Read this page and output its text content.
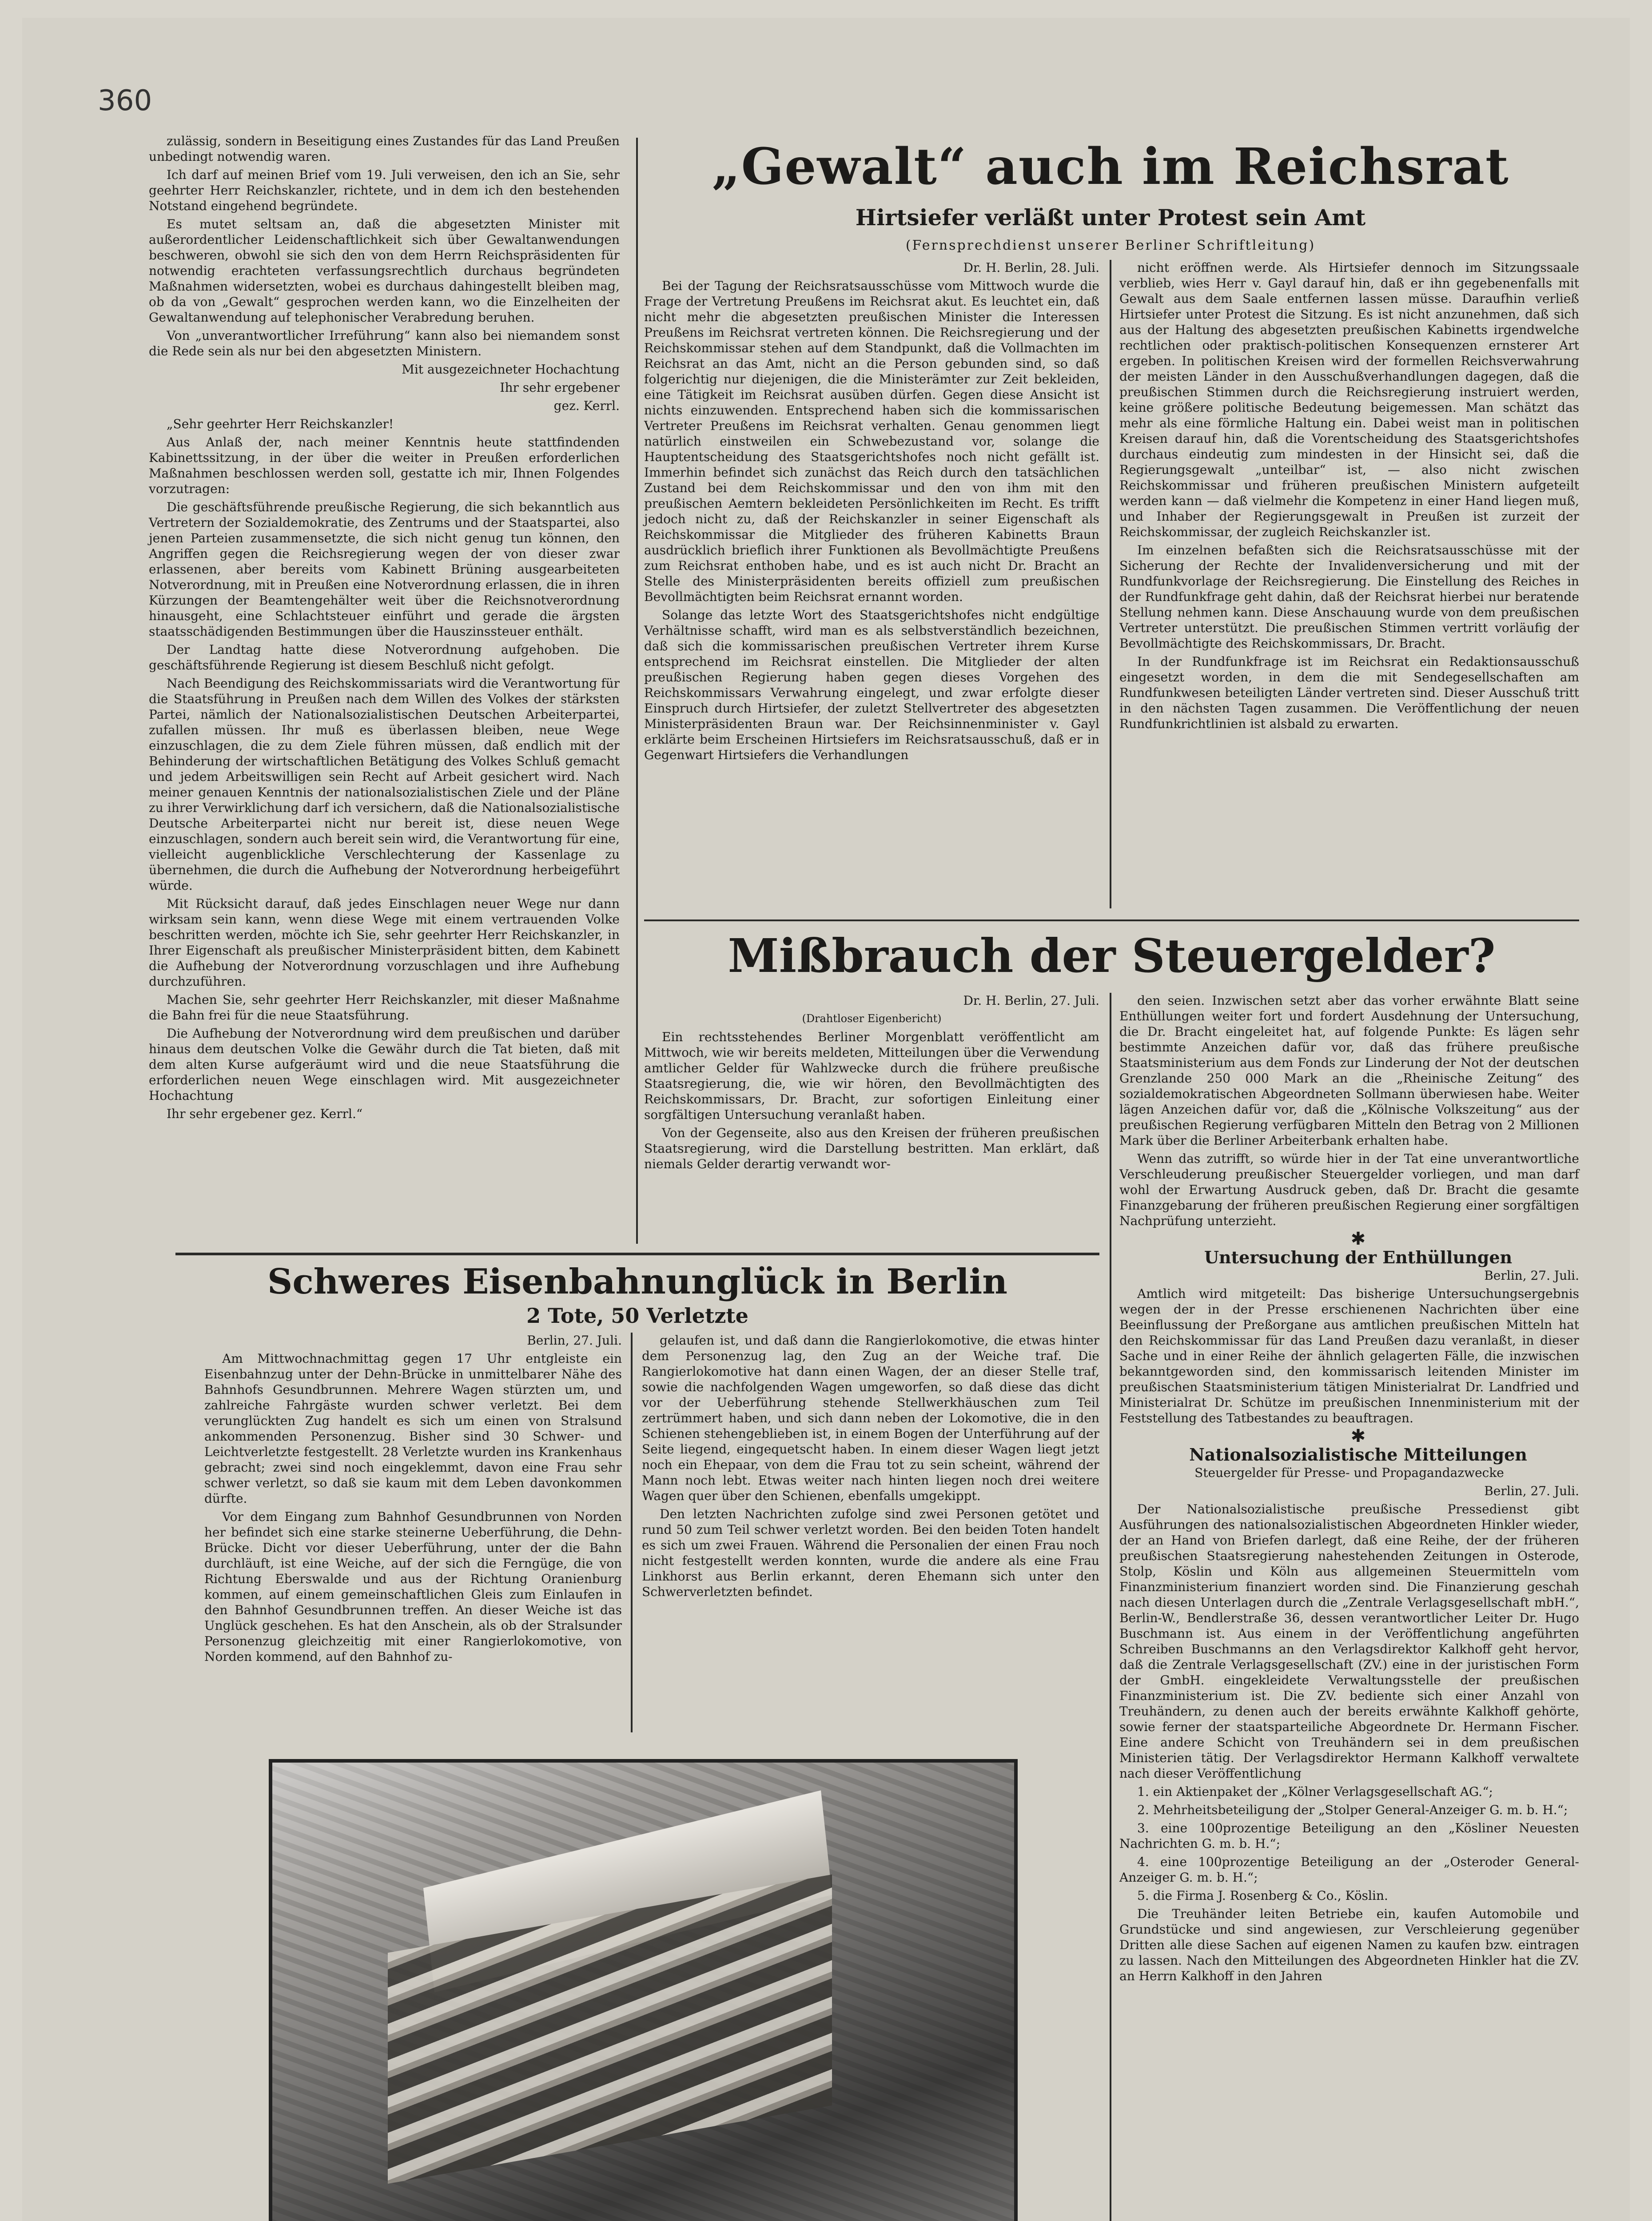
360

zulässig, sondern in Beseitigung eines Zustandes für das Land Preußen unbedingt notwendig waren.

Ich darf auf meinen Brief vom 19. Juli verweisen, den ich an Sie, sehr geehrter Herr Reichskanzler, richtete, und in dem ich den bestehenden Notstand eingehend begründete.

Es mutet seltsam an, daß die abgesetzten Minister mit außerordentlicher Leidenschaftlichkeit sich über Gewaltanwendungen beschweren, obwohl sie sich den von dem Herrn Reichspräsidenten für notwendig erachteten verfassungsrechtlich durchaus begründeten Maßnahmen widersetzten, wobei es durchaus dahingestellt bleiben mag, ob da von „Gewalt“ gesprochen werden kann, wo die Einzelheiten der Gewaltanwendung auf telephonischer Verabredung beruhen.

Von „unverantwortlicher Irreführung“ kann also bei niemandem sonst die Rede sein als nur bei den abgesetzten Ministern.

Mit ausgezeichneter Hochachtung

Ihr sehr ergebener

gez. Kerrl.

„Sehr geehrter Herr Reichskanzler!

Aus Anlaß der, nach meiner Kenntnis heute stattfindenden Kabinettssitzung, in der über die weiter in Preußen erforderlichen Maßnahmen beschlossen werden soll, gestatte ich mir, Ihnen Folgendes vorzutragen:

Die geschäftsführende preußische Regierung, die sich bekanntlich aus Vertretern der Sozialdemokratie, des Zentrums und der Staatspartei, also jenen Parteien zusammensetzte, die sich nicht genug tun können, den Angriffen gegen die Reichsregierung wegen der von dieser zwar erlassenen, aber bereits vom Kabinett Brüning ausgearbeiteten Notverordnung, mit in Preußen eine Notverordnung erlassen, die in ihren Kürzungen der Beamtengehälter weit über die Reichsnotverordnung hinausgeht, eine Schlachtsteuer einführt und gerade die ärgsten staatsschädigenden Bestimmungen über die Hauszinssteuer enthält.

Der Landtag hatte diese Notverordnung aufgehoben. Die geschäftsführende Regierung ist diesem Beschluß nicht gefolgt.

Nach Beendigung des Reichskommissariats wird die Verantwortung für die Staatsführung in Preußen nach dem Willen des Volkes der stärksten Partei, nämlich der Nationalsozialistischen Deutschen Arbeiterpartei, zufallen müssen. Ihr muß es überlassen bleiben, neue Wege einzuschlagen, die zu dem Ziele führen müssen, daß endlich mit der Behinderung der wirtschaftlichen Betätigung des Volkes Schluß gemacht und jedem Arbeitswilligen sein Recht auf Arbeit gesichert wird. Nach meiner genauen Kenntnis der nationalsozialistischen Ziele und der Pläne zu ihrer Verwirklichung darf ich versichern, daß die Nationalsozialistische Deutsche Arbeiterpartei nicht nur bereit ist, diese neuen Wege einzuschlagen, sondern auch bereit sein wird, die Verantwortung für eine, vielleicht augenblickliche Verschlechterung der Kassenlage zu übernehmen, die durch die Aufhebung der Notverordnung herbeigeführt würde.

Mit Rücksicht darauf, daß jedes Einschlagen neuer Wege nur dann wirksam sein kann, wenn diese Wege mit einem vertrauenden Volke beschritten werden, möchte ich Sie, sehr geehrter Herr Reichskanzler, in Ihrer Eigenschaft als preußischer Ministerpräsident bitten, dem Kabinett die Aufhebung der Notverordnung vorzuschlagen und ihre Aufhebung durchzuführen.

Machen Sie, sehr geehrter Herr Reichskanzler, mit dieser Maßnahme die Bahn frei für die neue Staatsführung.

Die Aufhebung der Notverordnung wird dem preußischen und darüber hinaus dem deutschen Volke die Gewähr durch die Tat bieten, daß mit dem alten Kurse aufgeräumt wird und die neue Staatsführung die erforderlichen neuen Wege einschlagen wird. Mit ausgezeichneter Hochachtung

Ihr sehr ergebener gez. Kerrl.“

„Gewalt“ auch im Reichsrat
Hirtsiefer verläßt unter Protest sein Amt
(Fernsprechdienst unserer Berliner Schriftleitung)

Dr. H. Berlin, 28. Juli.

Bei der Tagung der Reichsratsausschüsse vom Mittwoch wurde die Frage der Vertretung Preußens im Reichsrat akut. Es leuchtet ein, daß nicht mehr die abgesetzten preußischen Minister die Interessen Preußens im Reichsrat vertreten können. Die Reichsregierung und der Reichskommissar stehen auf dem Standpunkt, daß die Vollmachten im Reichsrat an das Amt, nicht an die Person gebunden sind, so daß folgerichtig nur diejenigen, die die Ministerämter zur Zeit bekleiden, eine Tätigkeit im Reichsrat ausüben dürfen. Gegen diese Ansicht ist nichts einzuwenden. Entsprechend haben sich die kommissarischen Vertreter Preußens im Reichsrat verhalten. Genau genommen liegt natürlich einstweilen ein Schwebezustand vor, solange die Hauptentscheidung des Staatsgerichtshofes noch nicht gefällt ist. Immerhin befindet sich zunächst das Reich durch den tatsächlichen Zustand bei dem Reichskommissar und den von ihm mit den preußischen Aemtern bekleideten Persönlichkeiten im Recht. Es trifft jedoch nicht zu, daß der Reichskanzler in seiner Eigenschaft als Reichskommissar die Mitglieder des früheren Kabinetts Braun ausdrücklich brieflich ihrer Funktionen als Bevollmächtigte Preußens zum Reichsrat enthoben habe, und es ist auch nicht Dr. Bracht an Stelle des Ministerpräsidenten bereits offiziell zum preußischen Bevollmächtigten beim Reichsrat ernannt worden.

Solange das letzte Wort des Staatsgerichtshofes nicht endgültige Verhältnisse schafft, wird man es als selbstverständlich bezeichnen, daß sich die kommissarischen preußischen Vertreter ihrem Kurse entsprechend im Reichsrat einstellen. Die Mitglieder der alten preußischen Regierung haben gegen dieses Vorgehen des Reichskommissars Verwahrung eingelegt, und zwar erfolgte dieser Einspruch durch Hirtsiefer, der zuletzt Stellvertreter des abgesetzten Ministerpräsidenten Braun war. Der Reichsinnenminister v. Gayl erklärte beim Erscheinen Hirtsiefers im Reichsratsausschuß, daß er in Gegenwart Hirtsiefers die Verhandlungen

nicht eröffnen werde. Als Hirtsiefer dennoch im Sitzungssaale verblieb, wies Herr v. Gayl darauf hin, daß er ihn gegebenenfalls mit Gewalt aus dem Saale entfernen lassen müsse. Daraufhin verließ Hirtsiefer unter Protest die Sitzung. Es ist nicht anzunehmen, daß sich aus der Haltung des abgesetzten preußischen Kabinetts irgendwelche rechtlichen oder praktisch-politischen Konsequenzen ernsterer Art ergeben. In politischen Kreisen wird der formellen Reichsverwahrung der meisten Länder in den Ausschußverhandlungen dagegen, daß die preußischen Stimmen durch die Reichsregierung instruiert werden, keine größere politische Bedeutung beigemessen. Man schätzt das mehr als eine förmliche Haltung ein. Dabei weist man in politischen Kreisen darauf hin, daß die Vorentscheidung des Staatsgerichtshofes durchaus eindeutig zum mindesten in der Hinsicht sei, daß die Regierungsgewalt „unteilbar“ ist, — also nicht zwischen Reichskommissar und früheren preußischen Ministern aufgeteilt werden kann — daß vielmehr die Kompetenz in einer Hand liegen muß, und Inhaber der Regierungsgewalt in Preußen ist zurzeit der Reichskommissar, der zugleich Reichskanzler ist.

Im einzelnen befaßten sich die Reichsratsausschüsse mit der Sicherung der Rechte der Invalidenversicherung und mit der Rundfunkvorlage der Reichsregierung. Die Einstellung des Reiches in der Rundfunkfrage geht dahin, daß der Reichsrat hierbei nur beratende Stellung nehmen kann. Diese Anschauung wurde von dem preußischen Vertreter unterstützt. Die preußischen Stimmen vertritt vorläufig der Bevollmächtigte des Reichskommissars, Dr. Bracht.

In der Rundfunkfrage ist im Reichsrat ein Redaktionsausschuß eingesetzt worden, in dem die mit Sendegesellschaften am Rundfunkwesen beteiligten Länder vertreten sind. Dieser Ausschuß tritt in den nächsten Tagen zusammen. Die Veröffentlichung der neuen Rundfunkrichtlinien ist alsbald zu erwarten.

Mißbrauch der Steuergelder?

Dr. H. Berlin, 27. Juli.

(Drahtloser Eigenbericht)

Ein rechtsstehendes Berliner Morgenblatt veröffentlicht am Mittwoch, wie wir bereits meldeten, Mitteilungen über die Verwendung amtlicher Gelder für Wahlzwecke durch die frühere preußische Staatsregierung, die, wie wir hören, den Bevollmächtigten des Reichskommissars, Dr. Bracht, zur sofortigen Einleitung einer sorgfältigen Untersuchung veranlaßt haben.

Von der Gegenseite, also aus den Kreisen der früheren preußischen Staatsregierung, wird die Darstellung bestritten. Man erklärt, daß niemals Gelder derartig verwandt wor-

den seien. Inzwischen setzt aber das vorher erwähnte Blatt seine Enthüllungen weiter fort und fordert Ausdehnung der Untersuchung, die Dr. Bracht eingeleitet hat, auf folgende Punkte: Es lägen sehr bestimmte Anzeichen dafür vor, daß das frühere preußische Staatsministerium aus dem Fonds zur Linderung der Not der deutschen Grenzlande 250 000 Mark an die „Rheinische Zeitung“ des sozialdemokratischen Abgeordneten Sollmann überwiesen habe. Weiter lägen Anzeichen dafür vor, daß die „Kölnische Volkszeitung“ aus der preußischen Regierung verfügbaren Mitteln den Betrag von 2 Millionen Mark über die Berliner Arbeiterbank erhalten habe.

Wenn das zutrifft, so würde hier in der Tat eine unverantwortliche Verschleuderung preußischer Steuergelder vorliegen, und man darf wohl der Erwartung Ausdruck geben, daß Dr. Bracht die gesamte Finanzgebarung der früheren preußischen Regierung einer sorgfältigen Nachprüfung unterzieht.

✱

Untersuchung der Enthüllungen

Berlin, 27. Juli.

Amtlich wird mitgeteilt: Das bisherige Untersuchungsergebnis wegen der in der Presse erschienenen Nachrichten über eine Beeinflussung der Preßorgane aus amtlichen preußischen Mitteln hat den Reichskommissar für das Land Preußen dazu veranlaßt, in dieser Sache und in einer Reihe der ähnlich gelagerten Fälle, die inzwischen bekanntgeworden sind, den kommissarisch leitenden Minister im preußischen Staatsministerium tätigen Ministerialrat Dr. Landfried und Ministerialrat Dr. Schütze im preußischen Innenministerium mit der Feststellung des Tatbestandes zu beauftragen.

✱

Nationalsozialistische Mitteilungen

Steuergelder für Presse- und Propagandazwecke

Berlin, 27. Juli.

Der Nationalsozialistische preußische Pressedienst gibt Ausführungen des nationalsozialistischen Abgeordneten Hinkler wieder, der an Hand von Briefen darlegt, daß eine Reihe, der der früheren preußischen Staatsregierung nahestehenden Zeitungen in Osterode, Stolp, Köslin und Köln aus allgemeinen Steuermitteln vom Finanzministerium finanziert worden sind. Die Finanzierung geschah nach diesen Unterlagen durch die „Zentrale Verlagsgesellschaft mbH.“, Berlin-W., Bendlerstraße 36, dessen verantwortlicher Leiter Dr. Hugo Buschmann ist. Aus einem in der Veröffentlichung angeführten Schreiben Buschmanns an den Verlagsdirektor Kalkhoff geht hervor, daß die Zentrale Verlagsgesellschaft (ZV.) eine in der juristischen Form der GmbH. eingekleidete Verwaltungsstelle der preußischen Finanzministerium ist. Die ZV. bediente sich einer Anzahl von Treuhändern, zu denen auch der bereits erwähnte Kalkhoff gehörte, sowie ferner der staatsparteiliche Abgeordnete Dr. Hermann Fischer. Eine andere Schicht von Treuhändern sei in dem preußischen Ministerien tätig. Der Verlagsdirektor Hermann Kalkhoff verwaltete nach dieser Veröffentlichung

1. ein Aktienpaket der „Kölner Verlagsgesellschaft AG.“;

2. Mehrheitsbeteiligung der „Stolper General-Anzeiger G. m. b. H.“;

3. eine 100prozentige Beteiligung an den „Kösliner Neuesten Nachrichten G. m. b. H.“;

4. eine 100prozentige Beteiligung an der „Osteroder General-Anzeiger G. m. b. H.“;

5. die Firma J. Rosenberg & Co., Köslin.

Die Treuhänder leiten Betriebe ein, kaufen Automobile und Grundstücke und sind angewiesen, zur Verschleierung gegenüber Dritten alle diese Sachen auf eigenen Namen zu kaufen bzw. eintragen zu lassen. Nach den Mitteilungen des Abgeordneten Hinkler hat die ZV. an Herrn Kalkhoff in den Jahren

Schweres Eisenbahnunglück in Berlin
2 Tote, 50 Verletzte

Berlin, 27. Juli.

Am Mittwochnachmittag gegen 17 Uhr entgleiste ein Eisenbahnzug unter der Dehn-Brücke in unmittelbarer Nähe des Bahnhofs Gesundbrunnen. Mehrere Wagen stürzten um, und zahlreiche Fahrgäste wurden schwer verletzt. Bei dem verunglückten Zug handelt es sich um einen von Stralsund ankommenden Personenzug. Bisher sind 30 Schwer- und Leichtverletzte festgestellt. 28 Verletzte wurden ins Krankenhaus gebracht; zwei sind noch eingeklemmt, davon eine Frau sehr schwer verletzt, so daß sie kaum mit dem Leben davonkommen dürfte.

Vor dem Eingang zum Bahnhof Gesundbrunnen von Norden her befindet sich eine starke steinerne Ueberführung, die Dehn-Brücke. Dicht vor dieser Ueberführung, unter der die Bahn durchläuft, ist eine Weiche, auf der sich die Ferngüge, die von Richtung Eberswalde und aus der Richtung Oranienburg kommen, auf einem gemeinschaftlichen Gleis zum Einlaufen in den Bahnhof Gesundbrunnen treffen. An dieser Weiche ist das Unglück geschehen. Es hat den Anschein, als ob der Stralsunder Personenzug gleichzeitig mit einer Rangierlokomotive, von Norden kommend, auf den Bahnhof zu-

gelaufen ist, und daß dann die Rangierlokomotive, die etwas hinter dem Personenzug lag, den Zug an der Weiche traf. Die Rangierlokomotive hat dann einen Wagen, der an dieser Stelle traf, sowie die nachfolgenden Wagen umgeworfen, so daß diese das dicht vor der Ueberführung stehende Stellwerkhäuschen zum Teil zertrümmert haben, und sich dann neben der Lokomotive, die in den Schienen stehengeblieben ist, in einem Bogen der Unterführung auf der Seite liegend, eingequetscht haben. In einem dieser Wagen liegt jetzt noch ein Ehepaar, von dem die Frau tot zu sein scheint, während der Mann noch lebt. Etwas weiter nach hinten liegen noch drei weitere Wagen quer über den Schienen, ebenfalls umgekippt.

Den letzten Nachrichten zufolge sind zwei Personen getötet und rund 50 zum Teil schwer verletzt worden. Bei den beiden Toten handelt es sich um zwei Frauen. Während die Personalien der einen Frau noch nicht festgestellt werden konnten, wurde die andere als eine Frau Linkhorst aus Berlin erkannt, deren Ehemann sich unter den Schwerverletzten befindet.
